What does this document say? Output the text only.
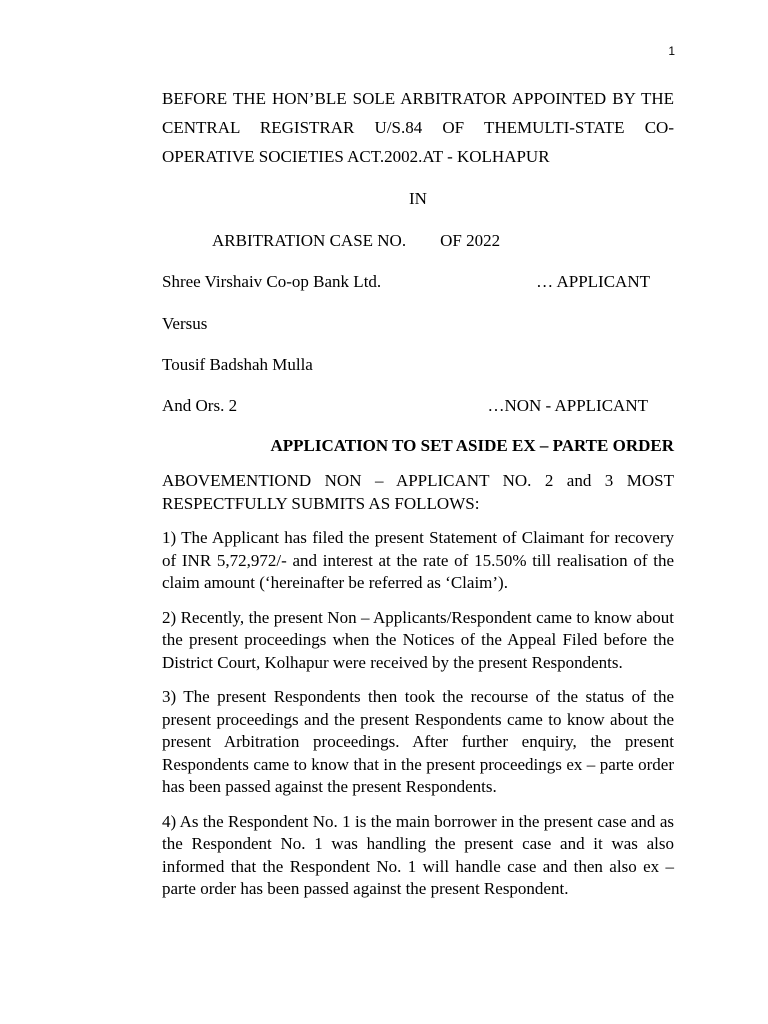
1

BEFORE THE HON’BLE SOLE ARBITRATOR APPOINTED BY THE CENTRAL REGISTRAR U/S.84 OF THEMULTI-STATE CO-OPERATIVE SOCIETIES ACT.2002.AT - KOLHAPUR

IN

ARBITRATION CASE NO. OF 2022

Shree Virshaiv Co-op Bank Ltd.	… APPLICANT

Versus

Tousif Badshah Mulla

And Ors. 2	…NON - APPLICANT

APPLICATION TO SET ASIDE EX – PARTE ORDER

ABOVEMENTIOND NON – APPLICANT NO. 2 and 3 MOST RESPECTFULLY SUBMITS AS FOLLOWS:

1) The Applicant has filed the present Statement of Claimant for recovery of INR 5,72,972/- and interest at the rate of 15.50% till realisation of the claim amount (‘hereinafter be referred as ‘Claim’).

2) Recently, the present Non – Applicants/Respondent came to know about the present proceedings when the Notices of the Appeal Filed before the District Court, Kolhapur were received by the present Respondents.

3) The present Respondents then took the recourse of the status of the present proceedings and the present Respondents came to know about the present Arbitration proceedings. After further enquiry, the present Respondents came to know that in the present proceedings ex – parte order has been passed against the present Respondents.

4) As the Respondent No. 1 is the main borrower in the present case and as the Respondent No. 1 was handling the present case and it was also informed that the Respondent No. 1 will handle case and then also ex – parte order has been passed against the present Respondent.
